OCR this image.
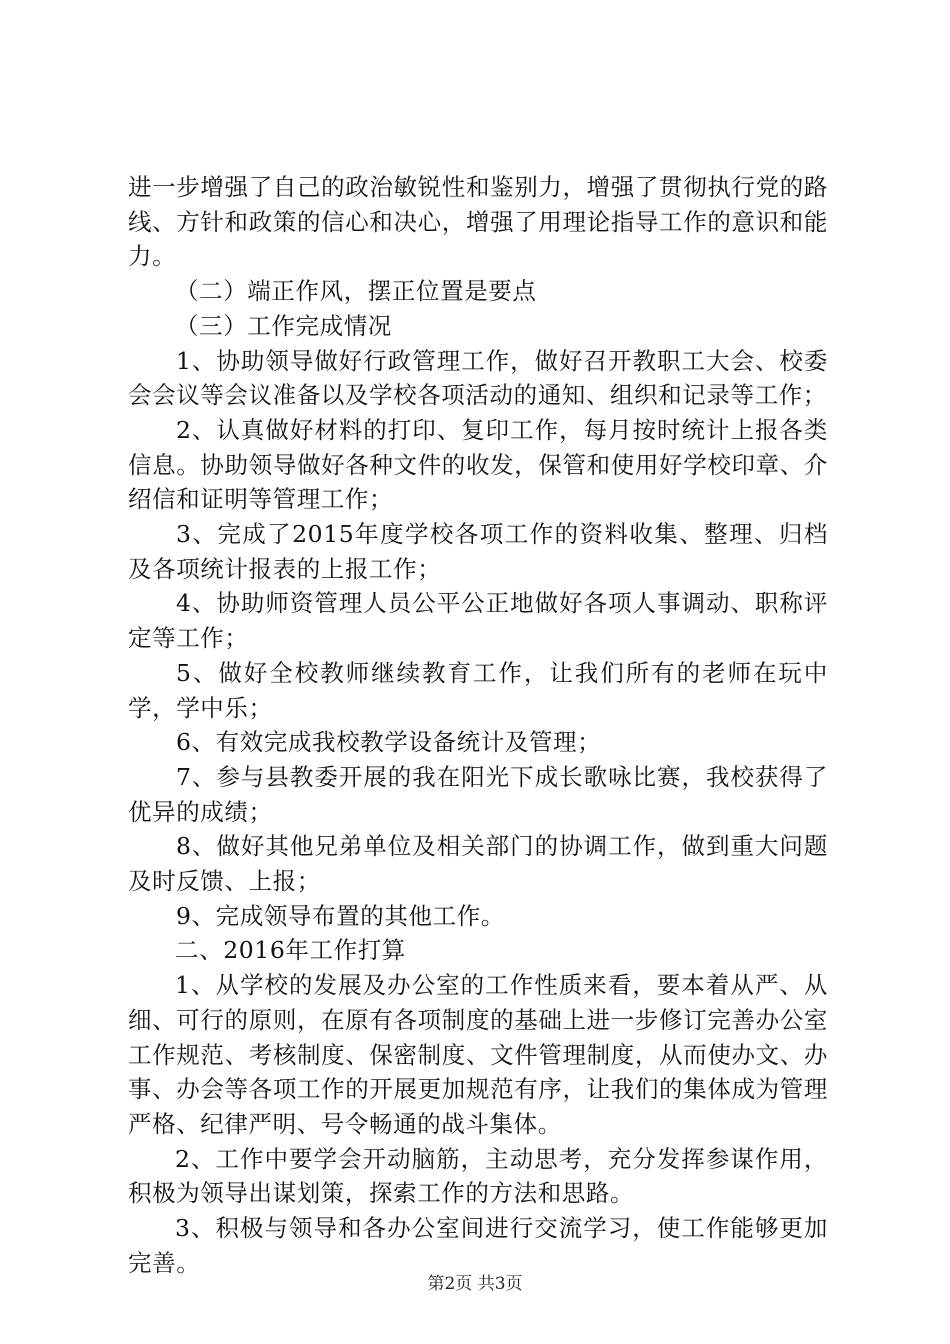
进一步增强了自己的政治敏锐性和鉴别力，增强了贯彻执行党的路线、方针和政策的信心和决心，增强了用理论指导工作的意识和能力。

（二）端正作风，摆正位置是要点

（三）工作完成情况

1、协助领导做好行政管理工作，做好召开教职工大会、校委会会议等会议准备以及学校各项活动的通知、组织和记录等工作；

2、认真做好材料的打印、复印工作，每月按时统计上报各类信息。协助领导做好各种文件的收发，保管和使用好学校印章、介绍信和证明等管理工作；

3、完成了2015年度学校各项工作的资料收集、整理、归档及各项统计报表的上报工作；

4、协助师资管理人员公平公正地做好各项人事调动、职称评定等工作；

5、做好全校教师继续教育工作，让我们所有的老师在玩中学，学中乐；

6、有效完成我校教学设备统计及管理；

7、参与县教委开展的我在阳光下成长歌咏比赛，我校获得了优异的成绩；

8、做好其他兄弟单位及相关部门的协调工作，做到重大问题及时反馈、上报；

9、完成领导布置的其他工作。

二、2016年工作打算

1、从学校的发展及办公室的工作性质来看，要本着从严、从细、可行的原则，在原有各项制度的基础上进一步修订完善办公室工作规范、考核制度、保密制度、文件管理制度，从而使办文、办事、办会等各项工作的开展更加规范有序，让我们的集体成为管理严格、纪律严明、号令畅通的战斗集体。

2、工作中要学会开动脑筋，主动思考，充分发挥参谋作用，积极为领导出谋划策，探索工作的方法和思路。

3、积极与领导和各办公室间进行交流学习，使工作能够更加完善。

第2页 共3页
